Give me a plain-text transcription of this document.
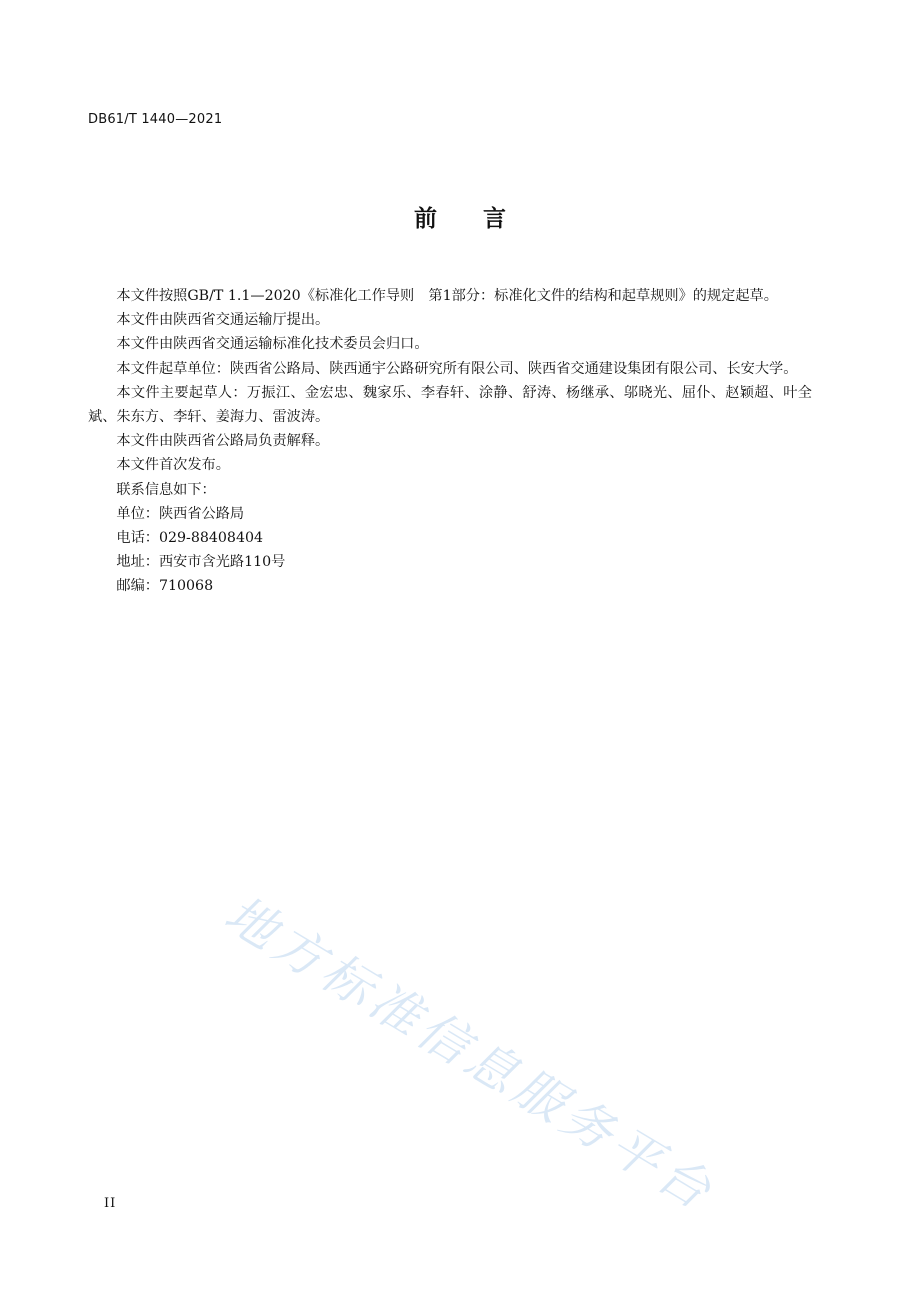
DB61/T 1440—2021
前 言

本文件按照GB/T 1.1—2020《标准化工作导则　第1部分：标准化文件的结构和起草规则》的规定起草。

本文件由陕西省交通运输厅提出。

本文件由陕西省交通运输标准化技术委员会归口。

本文件起草单位：陕西省公路局、陕西通宇公路研究所有限公司、陕西省交通建设集团有限公司、长安大学。

本文件主要起草人：万振江、金宏忠、魏家乐、李春轩、涂静、舒涛、杨继承、邬晓光、屈仆、赵颖超、叶全斌、朱东方、李轩、姜海力、雷波涛。

本文件由陕西省公路局负责解释。

本文件首次发布。

联系信息如下：

单位：陕西省公路局

电话：029-88408404

地址：西安市含光路110号

邮编：710068

地方标准信息服务平台
II
